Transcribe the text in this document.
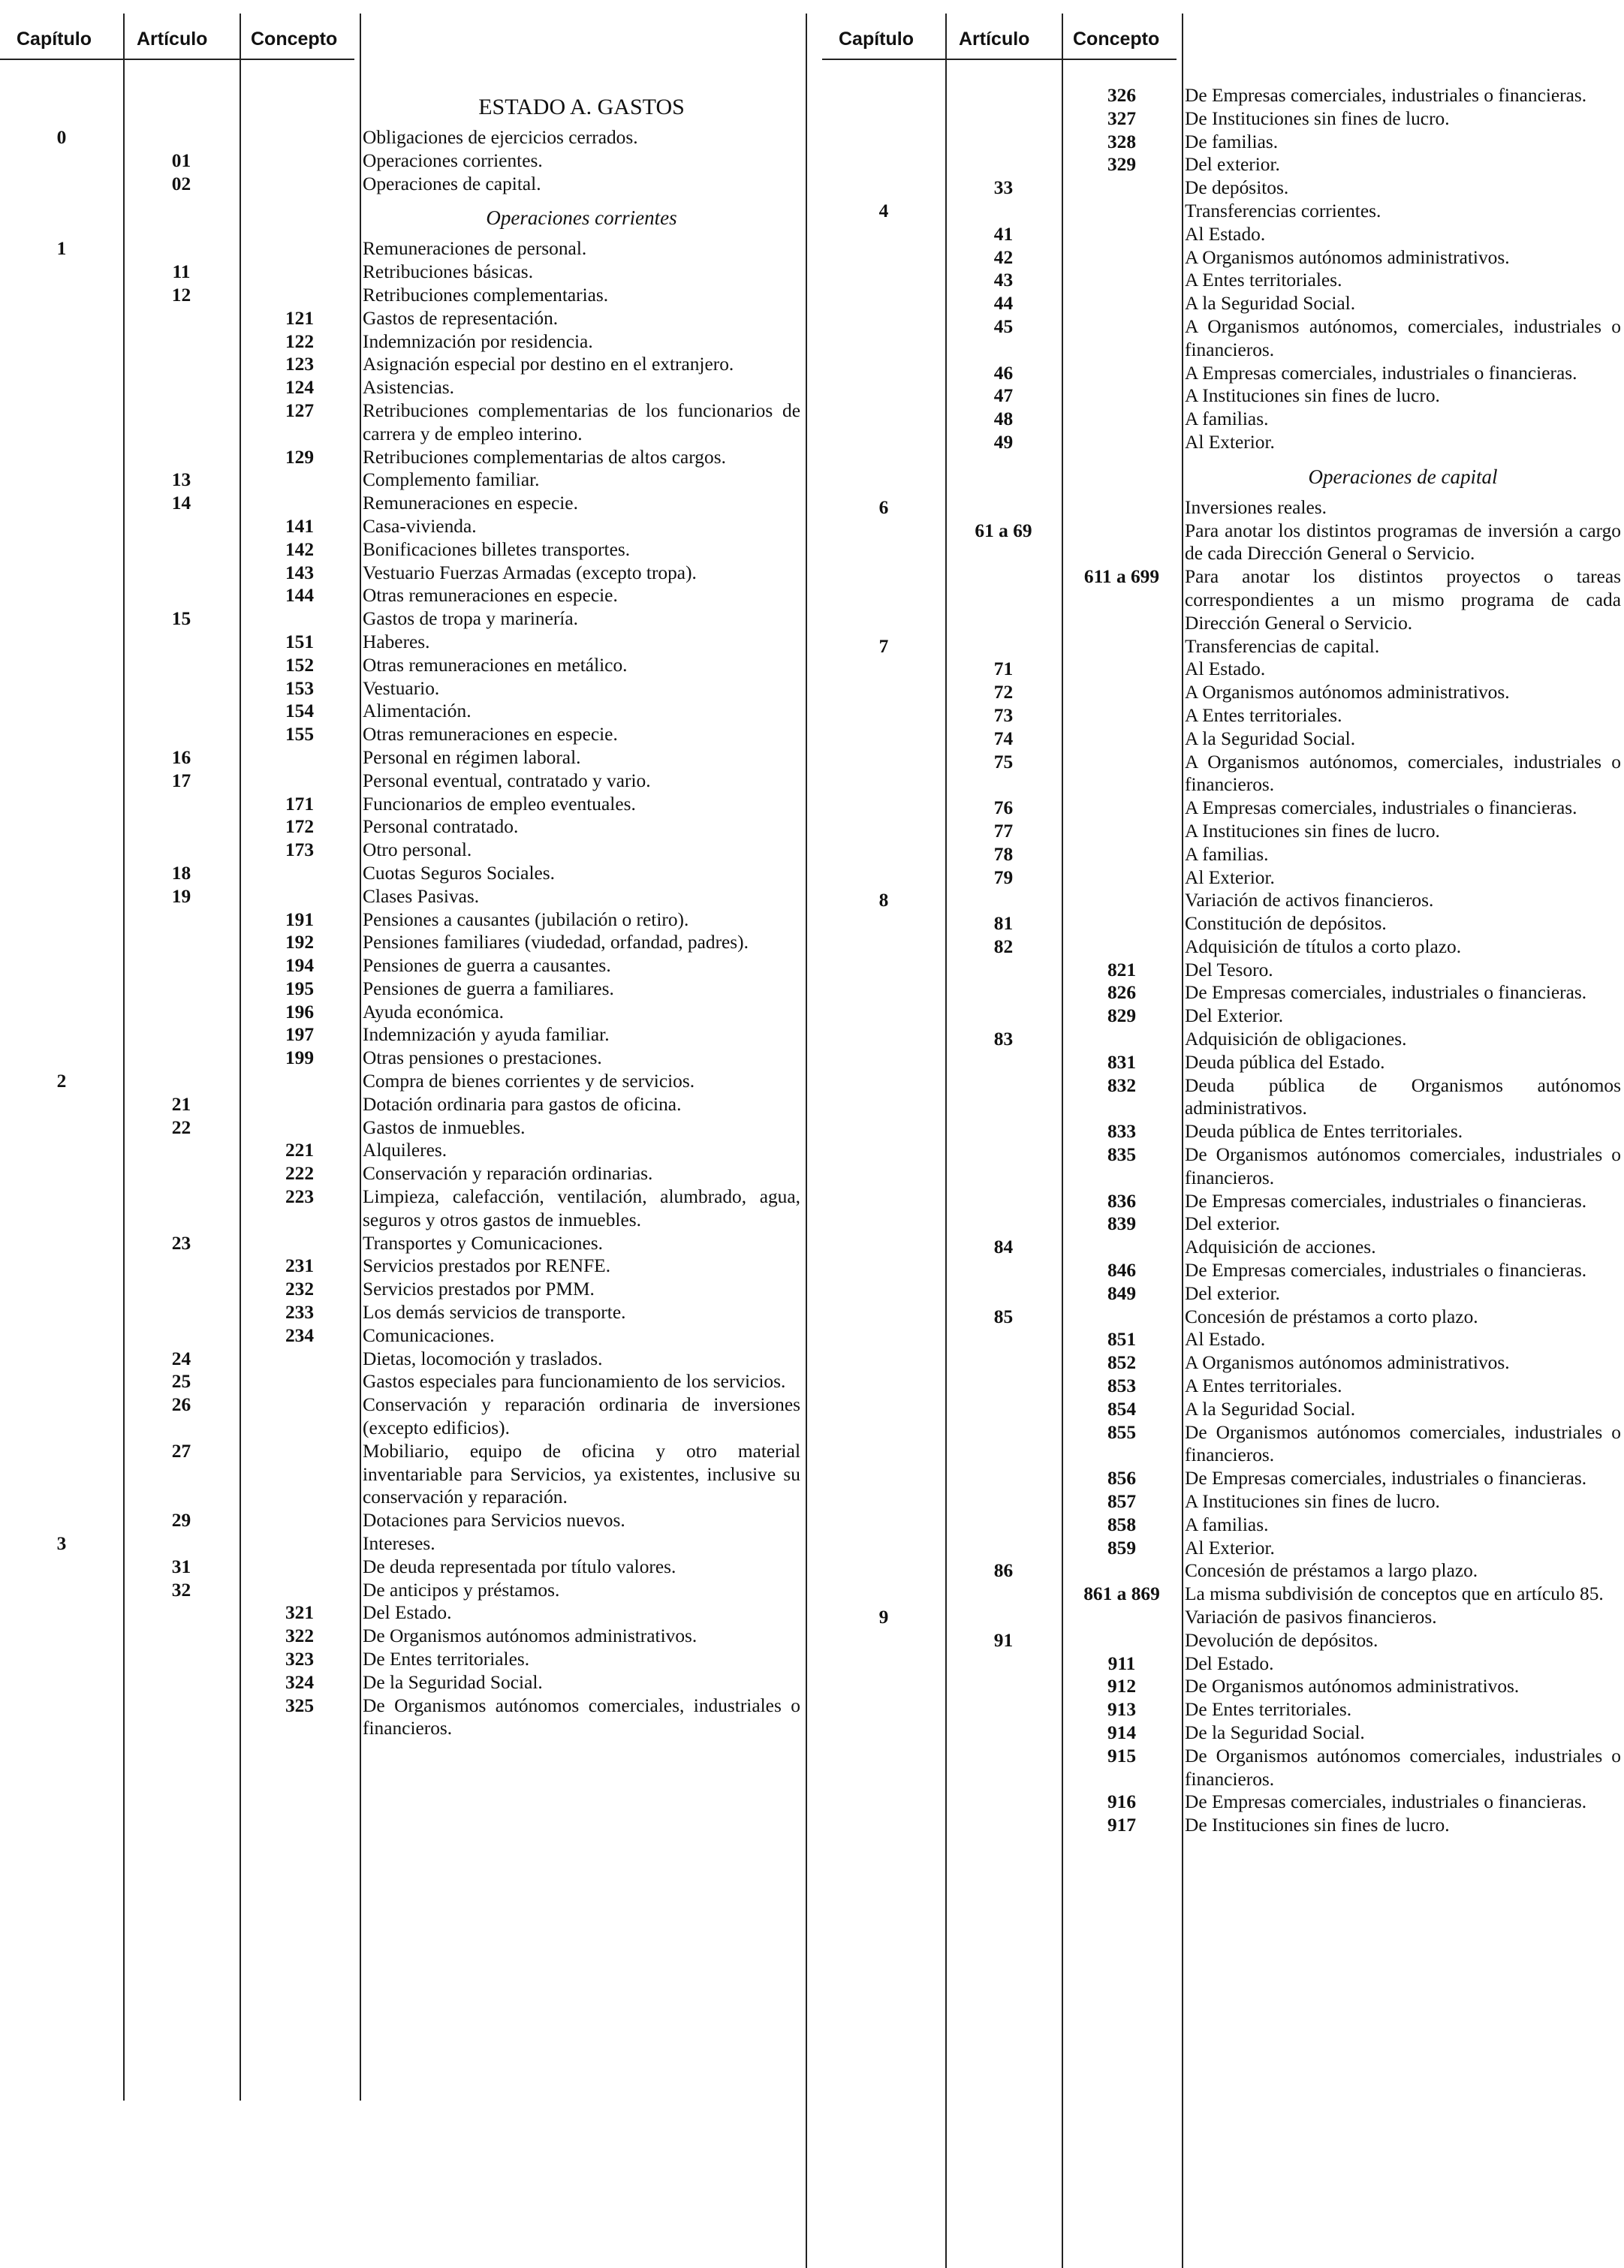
Capítulo Artículo Concepto
ESTADO A. GASTOS
0	Obligaciones de ejercicios cerrados.
01	Operaciones corrientes.
02	Operaciones de capital.
Operaciones corrientes
1	Remuneraciones de personal.
11	Retribuciones básicas.
12	Retribuciones complementarias.
121	Gastos de representación.
122	Indemnización por residencia.
123	Asignación especial por destino en el extranjero.
124	Asistencias.
127	Retribuciones complementarias de los funcionarios de carrera y de empleo interino.
129	Retribuciones complementarias de altos cargos.
13	Complemento familiar.
14	Remuneraciones en especie.
141	Casa-vivienda.
142	Bonificaciones billetes transportes.
143	Vestuario Fuerzas Armadas (excepto tropa).
144	Otras remuneraciones en especie.
15	Gastos de tropa y marinería.
151	Haberes.
152	Otras remuneraciones en metálico.
153	Vestuario.
154	Alimentación.
155	Otras remuneraciones en especie.
16	Personal en régimen laboral.
17	Personal eventual, contratado y vario.
171	Funcionarios de empleo eventuales.
172	Personal contratado.
173	Otro personal.
18	Cuotas Seguros Sociales.
19	Clases Pasivas.
191	Pensiones a causantes (jubilación o retiro).
192	Pensiones familiares (viudedad, orfandad, padres).
194	Pensiones de guerra a causantes.
195	Pensiones de guerra a familiares.
196	Ayuda económica.
197	Indemnización y ayuda familiar.
199	Otras pensiones o prestaciones.
2	Compra de bienes corrientes y de servicios.
21	Dotación ordinaria para gastos de oficina.
22	Gastos de inmuebles.
221	Alquileres.
222	Conservación y reparación ordinarias.
223	Limpieza, calefacción, ventilación, alumbrado, agua, seguros y otros gastos de inmuebles.
23	Transportes y Comunicaciones.
231	Servicios prestados por RENFE.
232	Servicios prestados por PMM.
233	Los demás servicios de transporte.
234	Comunicaciones.
24	Dietas, locomoción y traslados.
25	Gastos especiales para funcionamiento de los servicios.
26	Conservación y reparación ordinaria de inversiones (excepto edificios).
27	Mobiliario, equipo de oficina y otro material inventariable para Servicios, ya existentes, inclusive su conservación y reparación.
29	Dotaciones para Servicios nuevos.
3	Intereses.
31	De deuda representada por título valores.
32	De anticipos y préstamos.
321	Del Estado.
322	De Organismos autónomos administrativos.
323	De Entes territoriales.
324	De la Seguridad Social.
325	De Organismos autónomos comerciales, industriales o financieros.
Capítulo Artículo Concepto
326	De Empresas comerciales, industriales o financieras.
327	De Instituciones sin fines de lucro.
328	De familias.
329	Del exterior.
33	De depósitos.
4	Transferencias corrientes.
41	Al Estado.
42	A Organismos autónomos administrativos.
43	A Entes territoriales.
44	A la Seguridad Social.
45	A Organismos autónomos, comerciales, industriales o financieros.
46	A Empresas comerciales, industriales o financieras.
47	A Instituciones sin fines de lucro.
48	A familias.
49	Al Exterior.
Operaciones de capital
6	Inversiones reales.
61 a 69	Para anotar los distintos programas de inversión a cargo de cada Dirección General o Servicio.
611 a 699	Para anotar los distintos proyectos o tareas correspondientes a un mismo programa de cada Dirección General o Servicio.
7	Transferencias de capital.
71	Al Estado.
72	A Organismos autónomos administrativos.
73	A Entes territoriales.
74	A la Seguridad Social.
75	A Organismos autónomos, comerciales, industriales o financieros.
76	A Empresas comerciales, industriales o financieras.
77	A Instituciones sin fines de lucro.
78	A familias.
79	Al Exterior.
8	Variación de activos financieros.
81	Constitución de depósitos.
82	Adquisición de títulos a corto plazo.
821	Del Tesoro.
826	De Empresas comerciales, industriales o financieras.
829	Del Exterior.
83	Adquisición de obligaciones.
831	Deuda pública del Estado.
832	Deuda pública de Organismos autónomos administrativos.
833	Deuda pública de Entes territoriales.
835	De Organismos autónomos comerciales, industriales o financieros.
836	De Empresas comerciales, industriales o financieras.
839	Del exterior.
84	Adquisición de acciones.
846	De Empresas comerciales, industriales o financieras.
849	Del exterior.
85	Concesión de préstamos a corto plazo.
851	Al Estado.
852	A Organismos autónomos administrativos.
853	A Entes territoriales.
854	A la Seguridad Social.
855	De Organismos autónomos comerciales, industriales o financieros.
856	De Empresas comerciales, industriales o financieras.
857	A Instituciones sin fines de lucro.
858	A familias.
859	Al Exterior.
86	Concesión de préstamos a largo plazo.
861 a 869	La misma subdivisión de conceptos que en artículo 85.
9	Variación de pasivos financieros.
91	Devolución de depósitos.
911	Del Estado.
912	De Organismos autónomos administrativos.
913	De Entes territoriales.
914	De la Seguridad Social.
915	De Organismos autónomos comerciales, industriales o financieros.
916	De Empresas comerciales, industriales o financieras.
917	De Instituciones sin fines de lucro.
